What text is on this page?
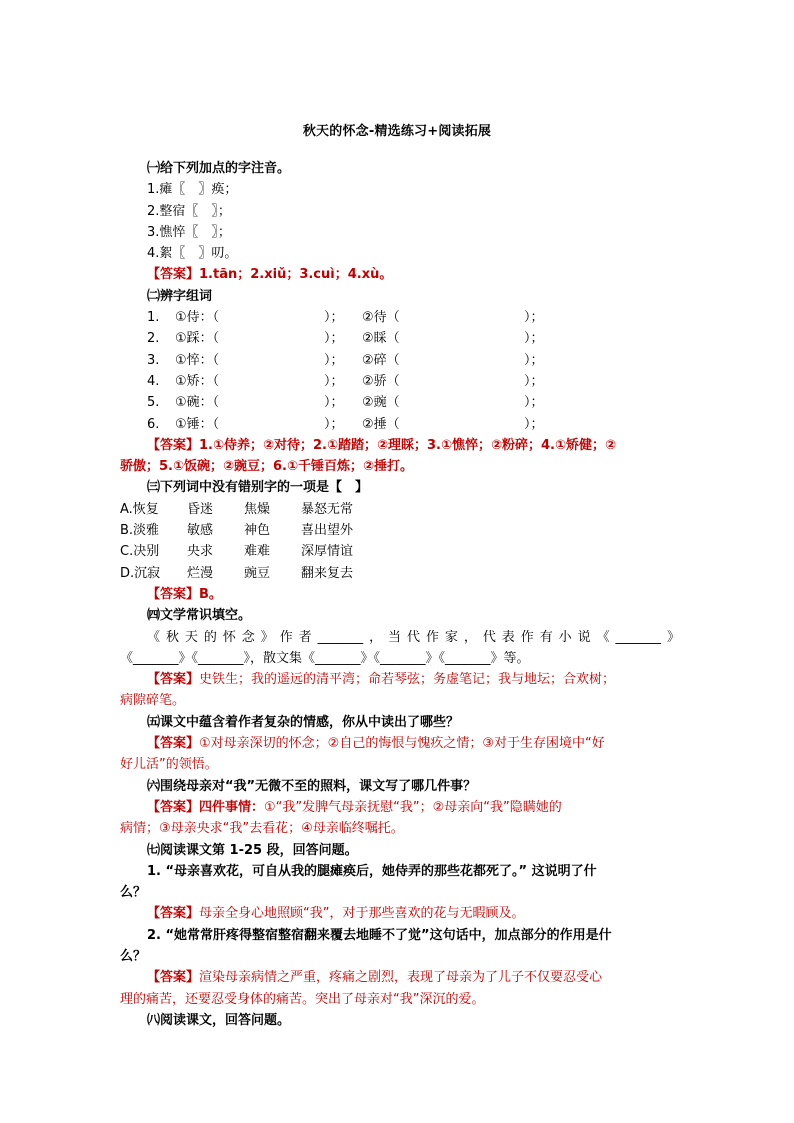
秋天的怀念-精选练习+阅读拓展
㈠给下列加点的字注音。
1.瘫〖　〗痪；
2.整宿〖　〗；
3.憔悴〖　〗；
4.絮〖　〗叨。
【答案】1.tān；2.xiǔ；3.cuì；4.xù。
㈡辨字组词
1. ①侍：（	）； ②待（	）；
2. ①踩：（	）； ②睬（	）；
3. ①悴：（	）； ②碎（	）；
4. ①矫：（	）； ②骄（	）；
5. ①碗：（	）； ②豌（	）；
6. ①锤：（	）； ②捶（	）；
【答案】1.①侍养；②对待；2.①踏踏；②理睬；3.①憔悴；②粉碎；4.①矫健；②
骄傲；5.①饭碗；②豌豆；6.①千锤百炼；②捶打。
㈢下列词中没有错别字的一项是【　】
A.恢复 昏迷 焦燥 暴怒无常
B.淡雅 敏感 神色 喜出望外
C.决别 央求 难难 深厚情谊
D.沉寂 烂漫 豌豆 翻来复去
【答案】B。
㈣文学常识填空。
《秋天的怀念》作者_______，当代作家，代表作有小说《_______》
《_______》《_______》，散文集《_______》《_______》《_______》等。
【答案】史铁生；我的遥远的清平湾；命若琴弦；务虚笔记；我与地坛；合欢树；
病隙碎笔。
㈤课文中蕴含着作者复杂的情感，你从中读出了哪些？
【答案】①对母亲深切的怀念；②自己的悔恨与愧疚之情；③对于生存困境中“好
好儿活”的领悟。
㈥围绕母亲对“我”无微不至的照料，课文写了哪几件事？
【答案】四件事情：①“我”发脾气母亲抚慰“我”；②母亲向“我”隐瞒她的
病情；③母亲央求“我”去看花；④母亲临终嘱托。
㈦阅读课文第 1-25 段，回答问题。
1. “母亲喜欢花，可自从我的腿瘫痪后，她侍弄的那些花都死了。” 这说明了什
么？
【答案】母亲全身心地照顾“我”，对于那些喜欢的花与无暇顾及。
2. “她常常肝疼得整宿整宿翻来覆去地睡不了觉”这句话中，加点部分的作用是什
么？
【答案】渲染母亲病情之严重，疼痛之剧烈，表现了母亲为了儿子不仅要忍受心
理的痛苦，还要忍受身体的痛苦。突出了母亲对“我”深沉的爱。
㈧阅读课文，回答问题。
